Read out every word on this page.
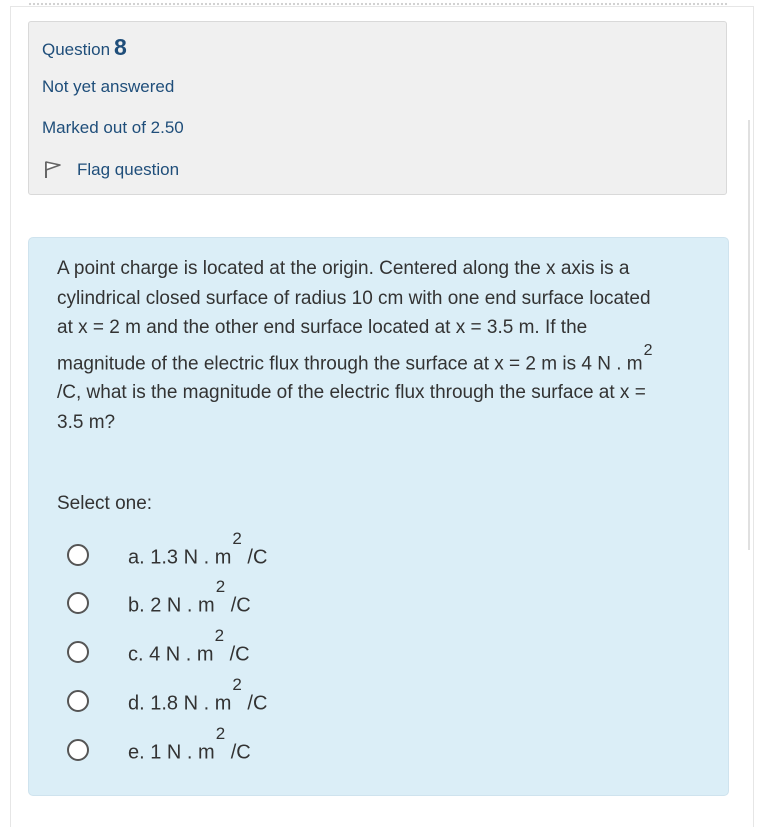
Question 8
Not yet answered
Marked out of 2.50
Flag question
A point charge is located at the origin. Centered along the x axis is a cylindrical closed surface of radius 10 cm with one end surface located at x = 2 m and the other end surface located at x = 3.5 m. If the magnitude of the electric flux through the surface at x = 2 m is 4 N . $m^2$ /C, what is the magnitude of the electric flux through the surface at x = 3.5 m?
Select one:
a. 1.3 N . $m^2$ /C
b. 2 N . $m^2$ /C
c. 4 N . $m^2$ /C
d. 1.8 N . $m^2$ /C
e. 1 N . $m^2$ /C
